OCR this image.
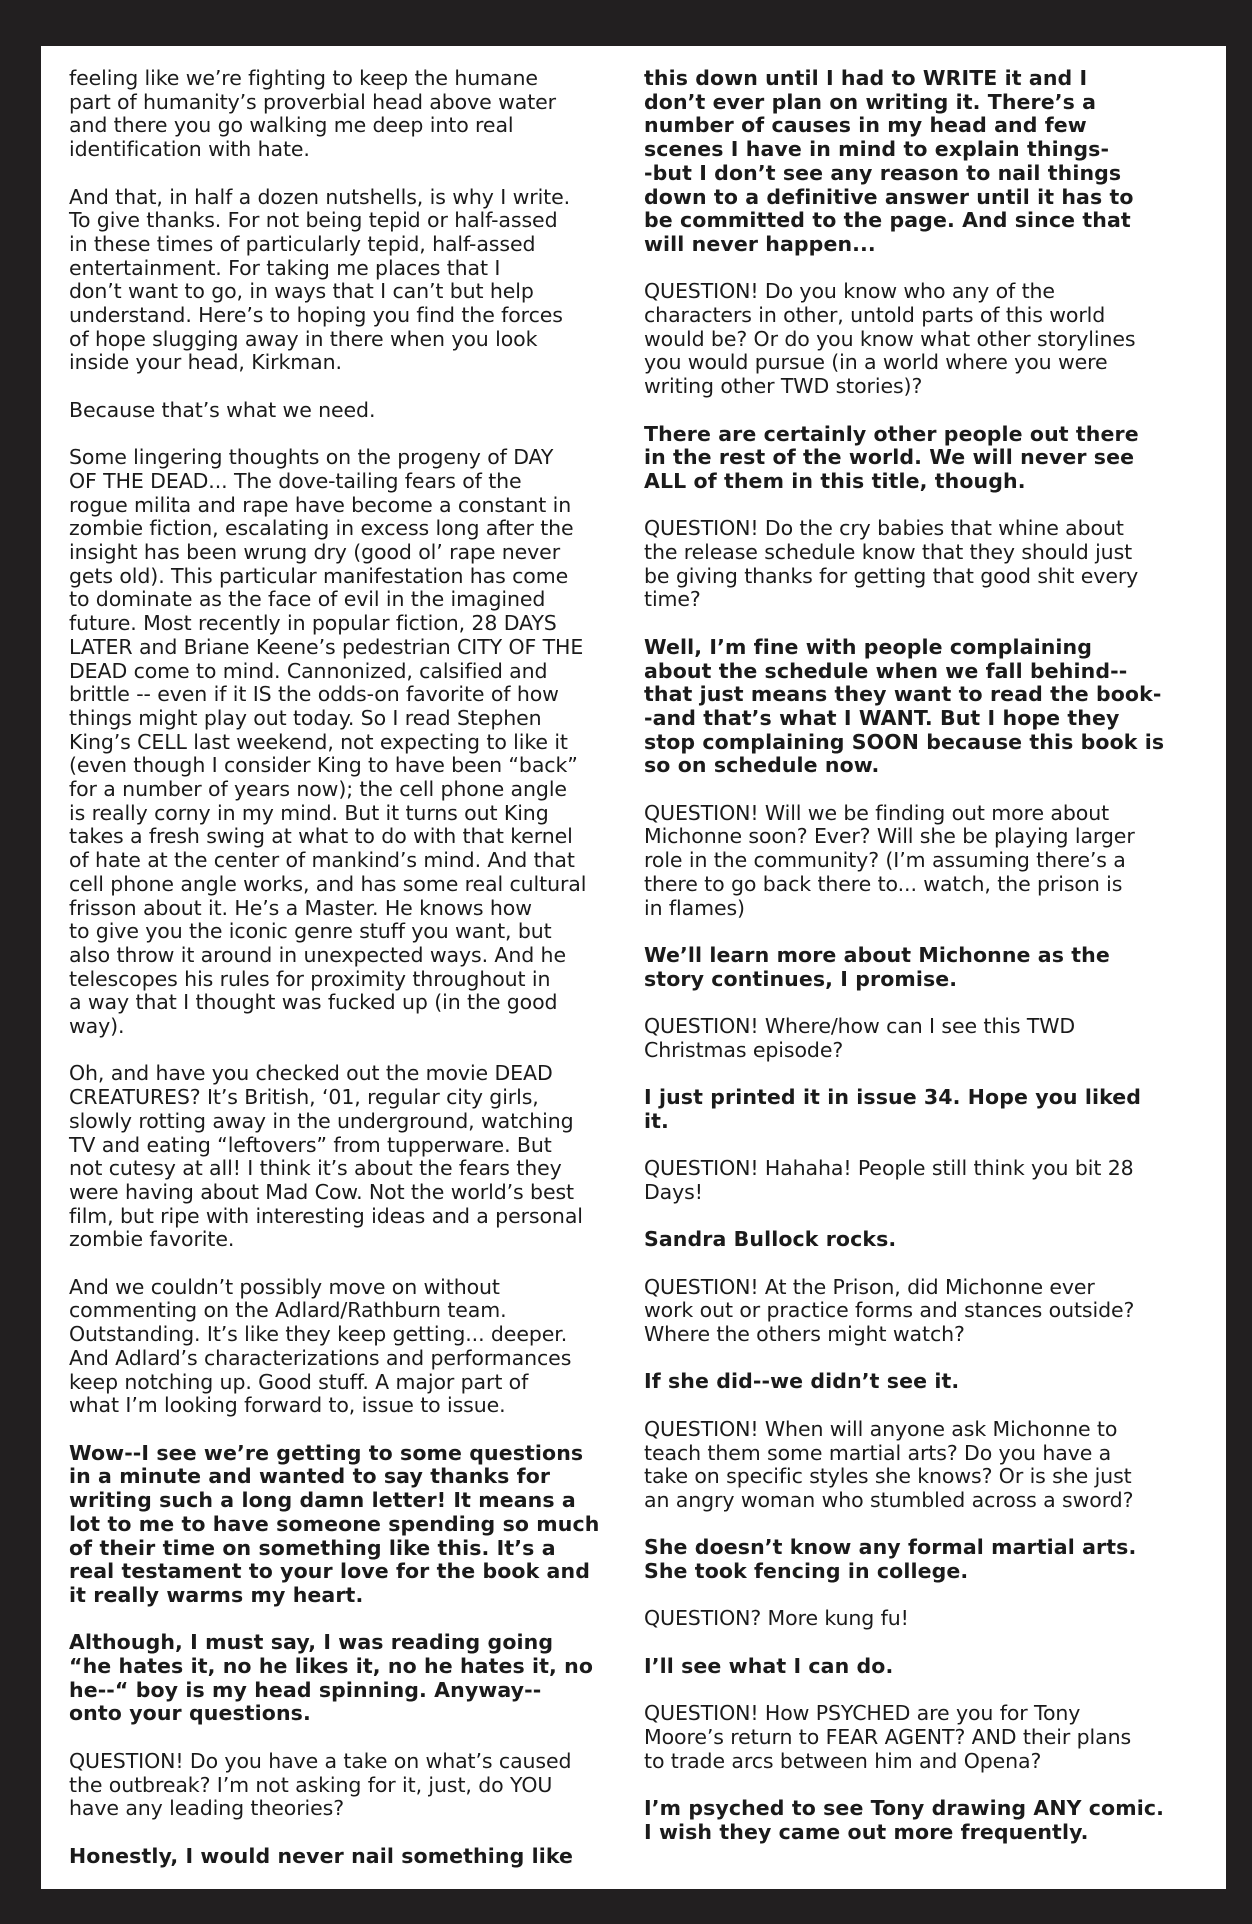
feeling like we’re fighting to keep the humane
part of humanity’s proverbial head above water
and there you go walking me deep into real
identification with hate.

And that, in half a dozen nutshells, is why I write.
To give thanks. For not being tepid or half-assed
in these times of particularly tepid, half-assed
entertainment. For taking me places that I
don’t want to go, in ways that I can’t but help
understand. Here’s to hoping you find the forces
of hope slugging away in there when you look
inside your head, Kirkman.

Because that’s what we need.

Some lingering thoughts on the progeny of DAY
OF THE DEAD... The dove-tailing fears of the
rogue milita and rape have become a constant in
zombie fiction, escalating in excess long after the
insight has been wrung dry (good ol’ rape never
gets old). This particular manifestation has come
to dominate as the face of evil in the imagined
future. Most recently in popular fiction, 28 DAYS
LATER and Briane Keene’s pedestrian CITY OF THE
DEAD come to mind. Cannonized, calsified and
brittle -- even if it IS the odds-on favorite of how
things might play out today. So I read Stephen
King’s CELL last weekend, not expecting to like it
(even though I consider King to have been “back”
for a number of years now); the cell phone angle
is really corny in my mind. But it turns out King
takes a fresh swing at what to do with that kernel
of hate at the center of mankind’s mind. And that
cell phone angle works, and has some real cultural
frisson about it. He’s a Master. He knows how
to give you the iconic genre stuff you want, but
also throw it around in unexpected ways. And he
telescopes his rules for proximity throughout in
a way that I thought was fucked up (in the good
way).

Oh, and have you checked out the movie DEAD
CREATURES? It’s British, ‘01, regular city girls,
slowly rotting away in the underground, watching
TV and eating “leftovers” from tupperware. But
not cutesy at all! I think it’s about the fears they
were having about Mad Cow. Not the world’s best
film, but ripe with interesting ideas and a personal
zombie favorite.

And we couldn’t possibly move on without
commenting on the Adlard/Rathburn team.
Outstanding. It’s like they keep getting... deeper.
And Adlard’s characterizations and performances
keep notching up. Good stuff. A major part of
what I’m looking forward to, issue to issue.

Wow--I see we’re getting to some questions
in a minute and wanted to say thanks for
writing such a long damn letter! It means a
lot to me to have someone spending so much
of their time on something like this. It’s a
real testament to your love for the book and
it really warms my heart.

Although, I must say, I was reading going
“he hates it, no he likes it, no he hates it, no
he--“ boy is my head spinning. Anyway--
onto your questions.

QUESTION! Do you have a take on what’s caused
the outbreak? I’m not asking for it, just, do YOU
have any leading theories?

Honestly, I would never nail something like

this down until I had to WRITE it and I
don’t ever plan on writing it. There’s a
number of causes in my head and few
scenes I have in mind to explain things-
-but I don’t see any reason to nail things
down to a definitive answer until it has to
be committed to the page. And since that
will never happen...

QUESTION! Do you know who any of the
characters in other, untold parts of this world
would be? Or do you know what other storylines
you would pursue (in a world where you were
writing other TWD stories)?

There are certainly other people out there
in the rest of the world. We will never see
ALL of them in this title, though.

QUESTION! Do the cry babies that whine about
the release schedule know that they should just
be giving thanks for getting that good shit every
time?

Well, I’m fine with people complaining
about the schedule when we fall behind--
that just means they want to read the book-
-and that’s what I WANT. But I hope they
stop complaining SOON because this book is
so on schedule now.

QUESTION! Will we be finding out more about
Michonne soon? Ever? Will she be playing larger
role in the community? (I’m assuming there’s a
there to go back there to... watch, the prison is
in flames)

We’ll learn more about Michonne as the
story continues, I promise.

QUESTION! Where/how can I see this TWD
Christmas episode?

I just printed it in issue 34. Hope you liked
it.

QUESTION! Hahaha! People still think you bit 28
Days!

Sandra Bullock rocks.

QUESTION! At the Prison, did Michonne ever
work out or practice forms and stances outside?
Where the others might watch?

If she did--we didn’t see it.

QUESTION! When will anyone ask Michonne to
teach them some martial arts? Do you have a
take on specific styles she knows? Or is she just
an angry woman who stumbled across a sword?

She doesn’t know any formal martial arts.
She took fencing in college.

QUESTION? More kung fu!

I’ll see what I can do.

QUESTION! How PSYCHED are you for Tony
Moore’s return to FEAR AGENT? AND their plans
to trade arcs between him and Opena?

I’m psyched to see Tony drawing ANY comic.
I wish they came out more frequently.
